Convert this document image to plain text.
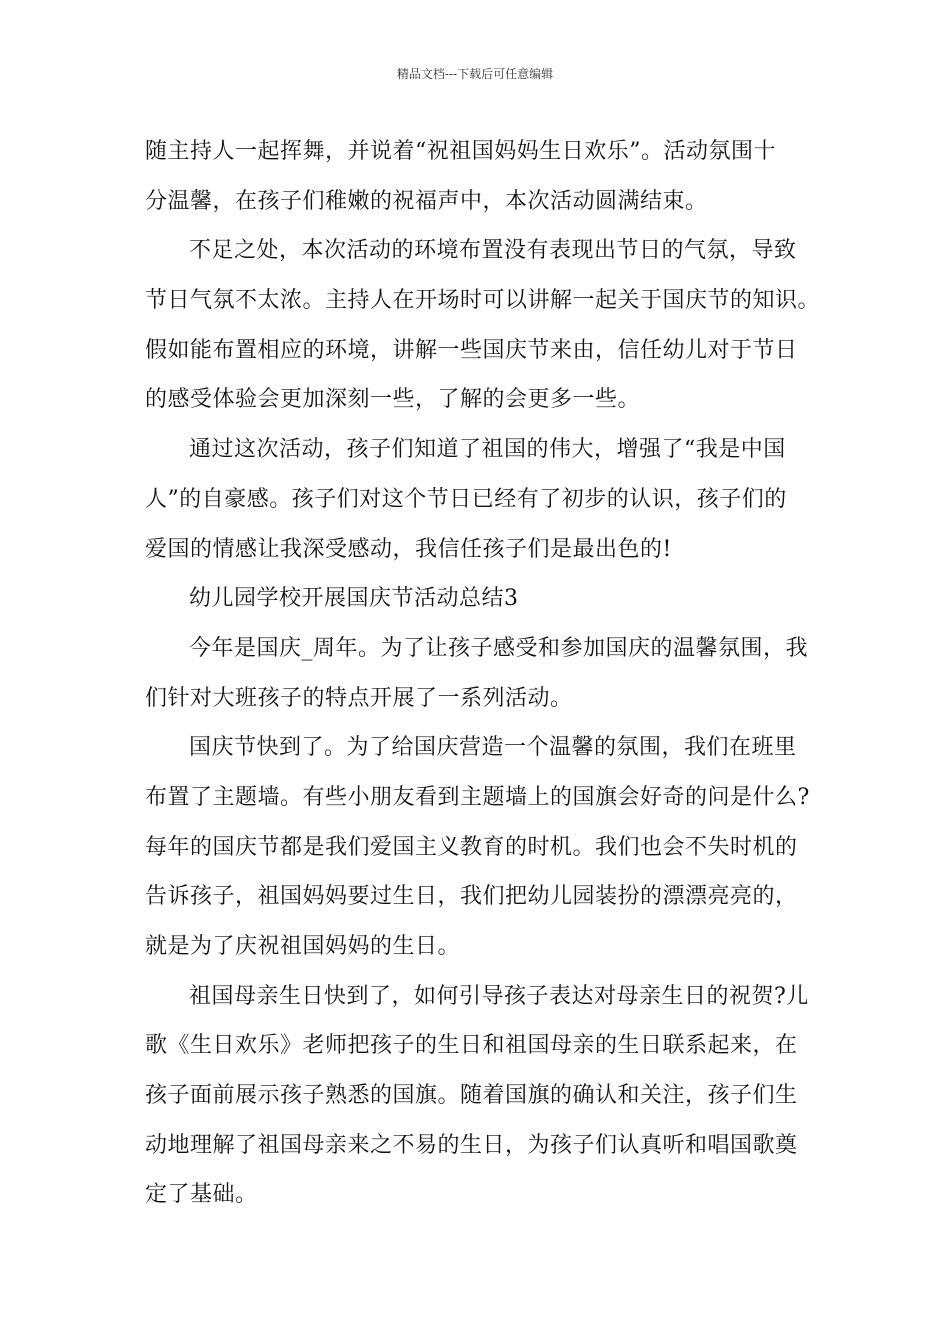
精品文档---下载后可任意编辑
随主持人一起挥舞，并说着“祝祖国妈妈生日欢乐”。活动氛围十
分温馨，在孩子们稚嫩的祝福声中，本次活动圆满结束。
不足之处，本次活动的环境布置没有表现出节日的气氛，导致
节日气氛不太浓。主持人在开场时可以讲解一起关于国庆节的知识。
假如能布置相应的环境，讲解一些国庆节来由，信任幼儿对于节日
的感受体验会更加深刻一些，了解的会更多一些。
通过这次活动，孩子们知道了祖国的伟大，增强了“我是中国
人”的自豪感。孩子们对这个节日已经有了初步的认识，孩子们的
爱国的情感让我深受感动，我信任孩子们是最出色的!
幼儿园学校开展国庆节活动总结3
今年是国庆_周年。为了让孩子感受和参加国庆的温馨氛围，我
们针对大班孩子的特点开展了一系列活动。
国庆节快到了。为了给国庆营造一个温馨的氛围，我们在班里
布置了主题墙。有些小朋友看到主题墙上的国旗会好奇的问是什么?
每年的国庆节都是我们爱国主义教育的时机。我们也会不失时机的
告诉孩子，祖国妈妈要过生日，我们把幼儿园装扮的漂漂亮亮的，
就是为了庆祝祖国妈妈的生日。
祖国母亲生日快到了，如何引导孩子表达对母亲生日的祝贺?儿
歌《生日欢乐》老师把孩子的生日和祖国母亲的生日联系起来，在
孩子面前展示孩子熟悉的国旗。随着国旗的确认和关注，孩子们生
动地理解了祖国母亲来之不易的生日，为孩子们认真听和唱国歌奠
定了基础。
